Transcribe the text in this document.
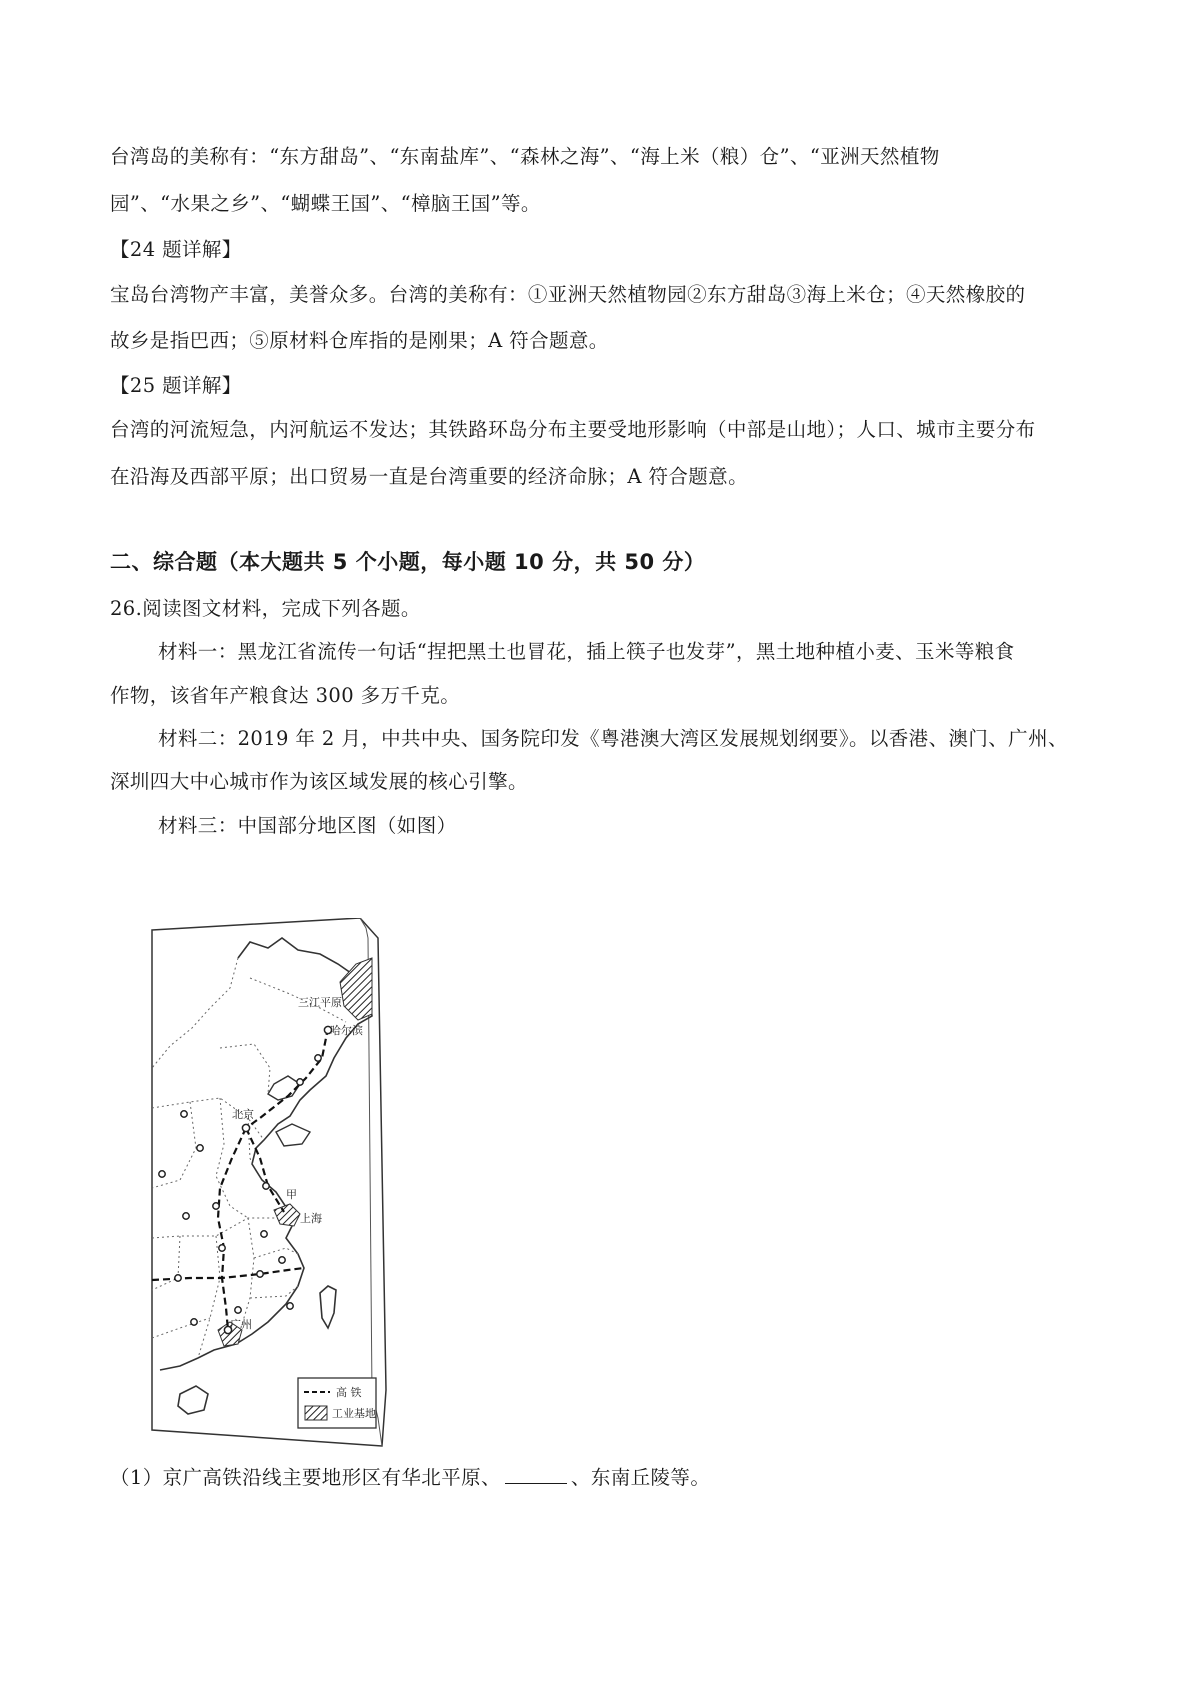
台湾岛的美称有：“东方甜岛”、“东南盐库”、“森林之海”、“海上米（粮）仓”、“亚洲天然植物
园”、“水果之乡”、“蝴蝶王国”、“樟脑王国”等。
【24 题详解】
宝岛台湾物产丰富，美誉众多。台湾的美称有：①亚洲天然植物园②东方甜岛③海上米仓；④天然橡胶的
故乡是指巴西；⑤原材料仓库指的是刚果；A 符合题意。
【25 题详解】
台湾的河流短急，内河航运不发达；其铁路环岛分布主要受地形影响（中部是山地）；人口、城市主要分布
在沿海及西部平原；出口贸易一直是台湾重要的经济命脉；A 符合题意。
二、综合题（本大题共 5 个小题，每小题 10 分，共 50 分）
26.阅读图文材料，完成下列各题。
材料一：黑龙江省流传一句话“捏把黑土也冒花，插上筷子也发芽”，黑土地种植小麦、玉米等粮食
作物，该省年产粮食达 300 多万千克。
材料二：2019 年 2 月，中共中央、国务院印发《粤港澳大湾区发展规划纲要》。以香港、澳门、广州、
深圳四大中心城市作为该区域发展的核心引擎。
材料三：中国部分地区图（如图）
三江平原
哈尔滨
北京
甲
上海
广州
高 铁
工业基地
（1）京广高铁沿线主要地形区有华北平原、	、东南丘陵等。
